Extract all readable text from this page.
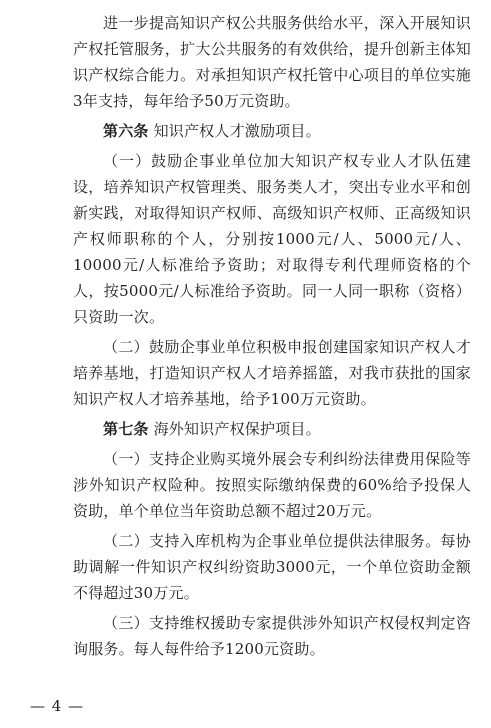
进一步提高知识产权公共服务供给水平，深入开展知识产权托管服务，扩大公共服务的有效供给，提升创新主体知识产权综合能力。对承担知识产权托管中心项目的单位实施3年支持，每年给予50万元资助。

第六条 知识产权人才激励项目。

（一）鼓励企事业单位加大知识产权专业人才队伍建设，培养知识产权管理类、服务类人才，突出专业水平和创新实践，对取得知识产权师、高级知识产权师、正高级知识产权师职称的个人，分别按1000元/人、5000元/人、10000元/人标准给予资助；对取得专利代理师资格的个人，按5000元/人标准给予资助。同一人同一职称（资格）只资助一次。

（二）鼓励企事业单位积极申报创建国家知识产权人才培养基地，打造知识产权人才培养摇篮，对我市获批的国家知识产权人才培养基地，给予100万元资助。

第七条 海外知识产权保护项目。

（一）支持企业购买境外展会专利纠纷法律费用保险等涉外知识产权险种。按照实际缴纳保费的60%给予投保人资助，单个单位当年资助总额不超过20万元。

（二）支持入库机构为企事业单位提供法律服务。每协助调解一件知识产权纠纷资助3000元，一个单位资助金额不得超过30万元。

（三）支持维权援助专家提供涉外知识产权侵权判定咨询服务。每人每件给予1200元资助。

— 4 —
